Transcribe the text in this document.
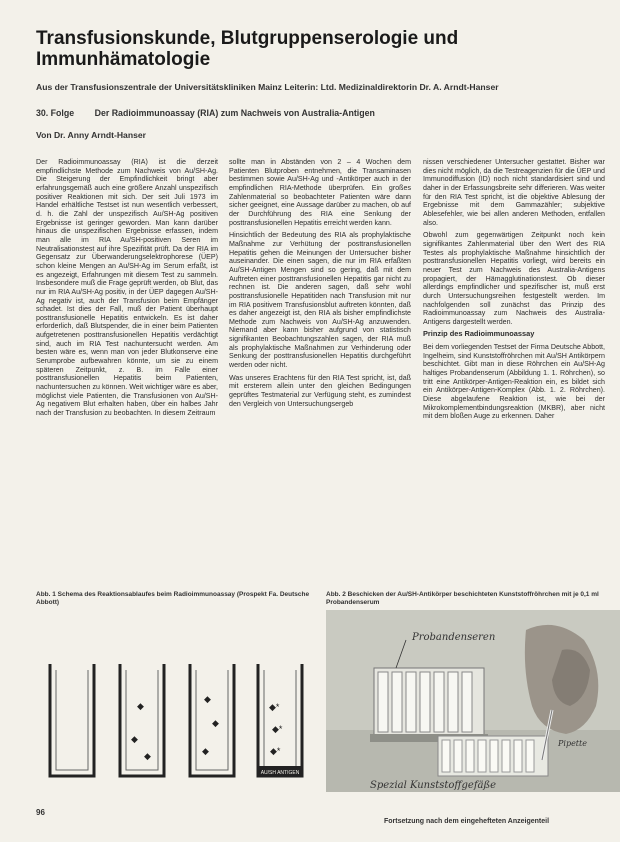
Transfusionskunde, Blutgruppenserologie und Immunhämatologie
Aus der Transfusionszentrale der Universitätskliniken Mainz Leiterin: Ltd. Medizinaldirektorin Dr. A. Arndt-Hanser
30. Folge Der Radioimmunoassay (RIA) zum Nachweis von Australia-Antigen
Von Dr. Anny Arndt-Hanser

Der Radioimmunoassay (RIA) ist die derzeit empfindlichste Methode zum Nachweis von Au/SH-Ag. Die Steigerung der Empfindlichkeit bringt aber erfahrungsgemäß auch eine größere Anzahl unspezifisch positiver Reaktionen mit sich. Der seit Juli 1973 im Handel erhältliche Testset ist nun wesentlich verbessert, d. h. die Zahl der unspezifisch Au/SH-Ag positiven Ergebnisse ist geringer geworden. Man kann darüber hinaus die unspezifischen Ergebnisse erfassen, indem man alle im RIA Au/SH-positiven Seren im Neutralisationstest auf ihre Spezifität prüft. Da der RIA im Gegensatz zur Überwanderungselektrophorese (ÜEP) schon kleine Mengen an Au/SH-Ag im Serum erfaßt, ist es angezeigt, Erfahrungen mit diesem Test zu sammeln. Insbesondere muß die Frage geprüft werden, ob Blut, das nur im RIA Au/SH-Ag positiv, in der ÜEP dagegen Au/SH-Ag negativ ist, auch der Transfusion beim Empfänger schadet. Ist dies der Fall, muß der Patient überhaupt posttransfusionelle Hepatitis entwickeln. Es ist daher erforderlich, daß Blutspender, die in einer beim Patienten aufgetretenen posttransfusionellen Hepatitis verdächtigt sind, auch im RIA Test nachuntersucht werden. Am besten wäre es, wenn man von jeder Blutkonserve eine Serumprobe aufbewahren könnte, um sie zu einem späteren Zeitpunkt, z. B. im Falle einer posttransfusionellen Hepatitis beim Patienten, nachuntersuchen zu können. Weit wichtiger wäre es aber, möglichst viele Patienten, die Transfusionen von Au/SH-Ag negativem Blut erhalten haben, über ein halbes Jahr nach der Transfusion zu beobachten. In diesem Zeitraum

sollte man in Abständen von 2 – 4 Wochen dem Patienten Blutproben entnehmen, die Transaminasen bestimmen sowie Au/SH-Ag und -Antikörper auch in der empfindlichen RIA-Methode überprüfen. Ein großes Zahlenmaterial so beobachteter Patienten wäre dann sicher geeignet, eine Aussage darüber zu machen, ob auf der Durchführung des RIA eine Senkung der posttransfusionellen Hepatitis erreicht werden kann.

Hinsichtlich der Bedeutung des RIA als prophylaktische Maßnahme zur Verhütung der posttransfusionellen Hepatitis gehen die Meinungen der Untersucher bisher auseinander. Die einen sagen, die nur im RIA erfaßten Au/SH-Antigen Mengen sind so gering, daß mit dem Auftreten einer posttransfusionellen Hepatitis gar nicht zu rechnen ist. Die anderen sagen, daß sehr wohl posttransfusionelle Hepatitiden nach Transfusion mit nur im RIA positivem Transfusionsblut auftreten könnten, daß es daher angezeigt ist, den RIA als bisher empfindlichste Methode zum Nachweis von Au/SH-Ag anzuwenden. Niemand aber kann bisher aufgrund von statistisch signifikanten Beobachtungszahlen sagen, der RIA muß als prophylaktische Maßnahmen zur Verhinderung oder Senkung der posttransfusionellen Hepatitis durchgeführt werden oder nicht.

Was unseres Erachtens für den RIA Test spricht, ist, daß mit ersterem allein unter den gleichen Bedingungen geprüftes Testmaterial zur Verfügung steht, es zumindest den Vergleich von Untersuchungsergeb

nissen verschiedener Untersucher gestattet. Bisher war dies nicht möglich, da die Testreagenzien für die ÜEP und Immunodiffusion (ID) noch nicht standardisiert sind und daher in der Erfassungsbreite sehr differieren. Was weiter für den RIA Test spricht, ist die objektive Ablesung der Ergebnisse mit dem Gammazähler; subjektive Ablesefehler, wie bei allen anderen Methoden, entfallen also.

Obwohl zum gegenwärtigen Zeitpunkt noch kein signifikantes Zahlenmaterial über den Wert des RIA Testes als prophylaktische Maßnahme hinsichtlich der posttransfusionellen Hepatitis vorliegt, wird bereits ein neuer Test zum Nachweis des Australia-Antigens propagiert, der Hämagglutinationstest. Ob dieser allerdings empfindlicher und spezifischer ist, muß erst durch Untersuchungsreihen festgestellt werden. Im nachfolgenden soll zunächst das Prinzip des Radioimmunoassay zum Nachweis des Australia-Antigens dargestellt werden.

Prinzip des Radioimmunoassay

Bei dem vorliegenden Testset der Firma Deutsche Abbott, Ingelheim, sind Kunststoffröhrchen mit Au/SH Antikörpern beschichtet. Gibt man in diese Röhrchen ein Au/SH-Ag haltiges Probandenserum (Abbildung 1. 1. Röhrchen), so tritt eine Antikörper-Antigen-Reaktion ein, es bildet sich ein Antikörper-Antigen-Komplex (Abb. 1. 2. Röhrchen). Diese abgelaufene Reaktion ist, wie bei der Mikrokomplementbindungsreaktion (MKBR), aber nicht mit dem bloßen Auge zu erkennen. Daher

Abb. 1 Schema des Reaktionsablaufes beim Radioimmunoassay (Prospekt Fa. Deutsche Abbott)
Abb. 2 Beschicken der Au/SH-Antikörper beschichteten Kunststoffröhrchen mit je 0,1 ml Probandenserum
◆
◆
◆
◆
◆
◆
◆*
◆*
◆*
AU/SH ANTIGEN
Probandenseren
Pipette
Spezial Kunststoffgefäße
96
Fortsetzung nach dem eingehefteten Anzeigenteil
